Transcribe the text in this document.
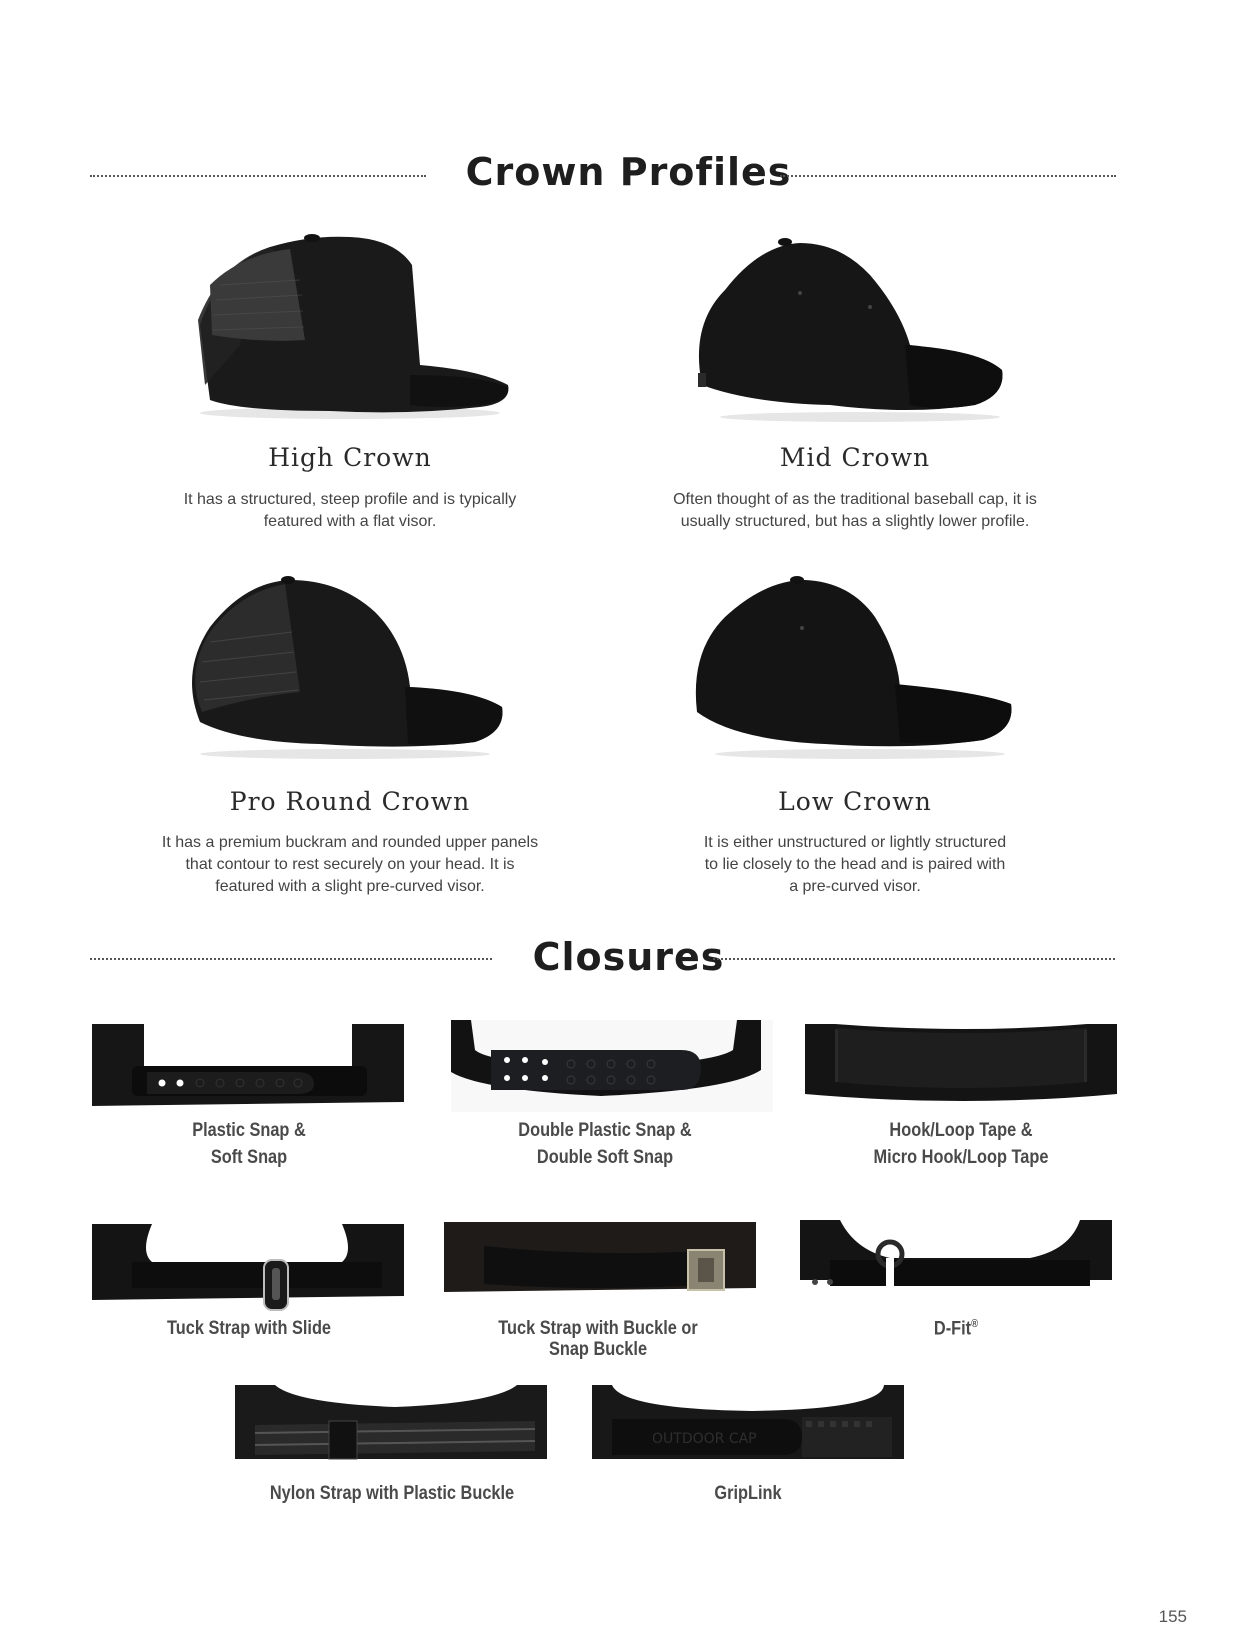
Crown Profiles
High Crown
It has a structured, steep profile and is typically
featured with a flat visor.
Mid Crown
Often thought of as the traditional baseball cap, it is
usually structured, but has a slightly lower profile.
Pro Round Crown
It has a premium buckram and rounded upper panels
that contour to rest securely on your head. It is
featured with a slight pre-curved visor.
Low Crown
It is either unstructured or lightly structured
to lie closely to the head and is paired with
a pre-curved visor.
Closures
Plastic Snap &
Soft Snap
Double Plastic Snap &
Double Soft Snap
Hook/Loop Tape &
Micro Hook/Loop Tape
Tuck Strap with Slide	Tuck Strap with Buckle or
Snap Buckle
D-Fit®
Nylon Strap with Plastic Buckle
OUTDOOR CAP
GripLink
155
